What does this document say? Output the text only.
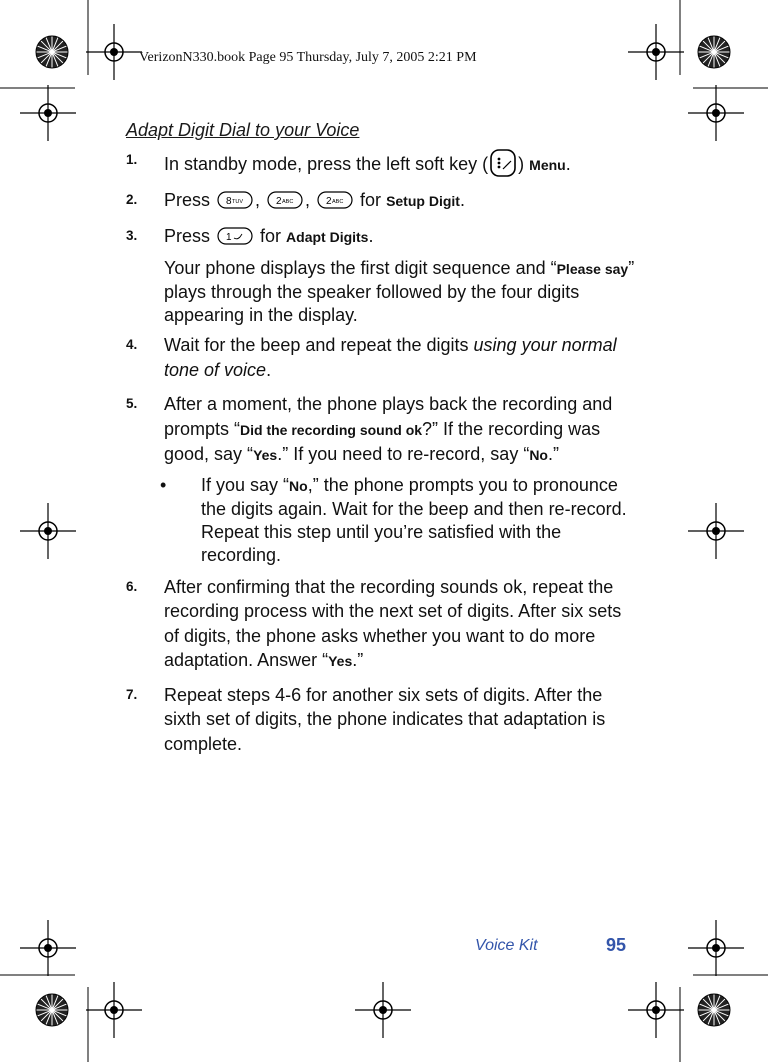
VerizonN330.book Page 95 Thursday, July 7, 2005 2:21 PM
Adapt Digit Dial to your Voice
1. In standby mode, press the left soft key ( ) Menu.
2. Press 8 TUV , 2 ABC , 2 ABC for Setup Digit.
3. Press 1 for Adapt Digits.
Your phone displays the first digit sequence and “Please say” plays through the speaker followed by the four digits appearing in the display.
4. Wait for the beep and repeat the digits using your normal tone of voice.
5. After a moment, the phone plays back the recording and prompts “Did the recording sound ok?” If the recording was good, say “Yes.” If you need to re-record, say “No.”
• If you say “No,” the phone prompts you to pronounce the digits again. Wait for the beep and then re-record. Repeat this step until you’re satisfied with the recording.
6. After confirming that the recording sounds ok, repeat the recording process with the next set of digits. After six sets of digits, the phone asks whether you want to do more adaptation. Answer “Yes.”
7. Repeat steps 4-6 for another six sets of digits. After the sixth set of digits, the phone indicates that adaptation is complete.
Voice Kit	95
